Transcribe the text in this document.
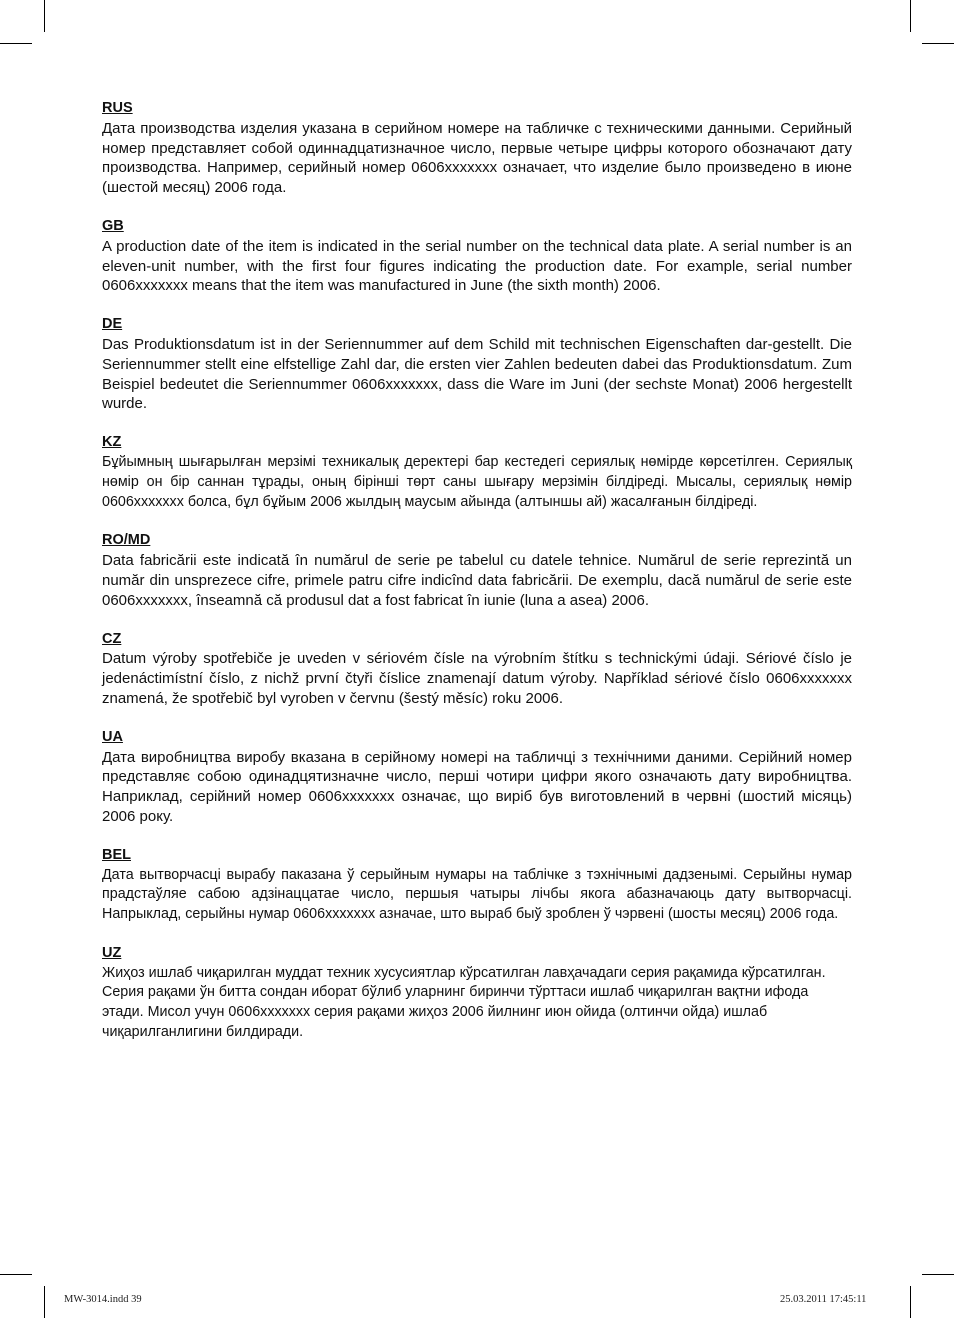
RUS

Дата производства изделия указана в серийном номере на табличке с техническими данными. Серийный номер представляет собой одиннадцатизначное число, первые четыре цифры которого обозначают дату производства. Например, серийный номер 0606xxxxxxx означает, что изделие было произведено в июне (шестой месяц) 2006 года.

GB

A production date of the item is indicated in the serial number on the technical data plate. A serial number is an eleven-unit number, with the first four figures indicating the production date. For example, serial number 0606xxxxxxx means that the item was manufactured in June (the sixth month) 2006.

DE

Das Produktionsdatum ist in der Seriennummer auf dem Schild mit technischen Eigenschaften dar-gestellt. Die Seriennummer stellt eine elfstellige Zahl dar, die ersten vier Zahlen bedeuten dabei das Produktionsdatum. Zum Beispiel bedeutet die Seriennummer 0606xxxxxxx, dass die Ware im Juni (der sechste Monat) 2006 hergestellt wurde.

KZ

Бұйымның шығарылған мерзімі техникалық деректері бар кестедегі сериялық нөмірде көрсетілген. Сериялық нөмір он бір саннан тұрады, оның бірінші төрт саны шығару мерзімін білдіреді. Мысалы, сериялық нөмір 0606xxxxxxx болса, бұл бұйым 2006 жылдың маусым айында (алтыншы ай) жасалғанын білдіреді.

RO/MD

Data fabricării este indicată în numărul de serie pe tabelul cu datele tehnice. Numărul de serie reprezintă un număr din unsprezece cifre, primele patru cifre indicînd data fabricării. De exemplu, dacă numărul de serie este 0606xxxxxxx, înseamnă că produsul dat a fost fabricat în iunie (luna a asea) 2006.

CZ

Datum výroby spotřebiče je uveden v sériovém čísle na výrobním štítku s technickými údaji. Sériové číslo je jedenáctimístní číslo, z nichž první čtyři číslice znamenají datum výroby. Například sériové číslo 0606xxxxxxx znamená, že spotřebič byl vyroben v červnu (šestý měsíc) roku 2006.

UA

Дата виробництва виробу вказана в серійному номері на табличці з технічними даними. Серійний номер представляє собою одинадцятизначне число, перші чотири цифри якого означають дату виробництва. Наприклад, серійний номер 0606xxxxxxx означає, що виріб був виготовлений в червні (шостий місяць) 2006 року.

BEL

Дата вытворчасці вырабу паказана ў серыйным нумары на таблічке з тэхнічнымі дадзенымі. Серыйны нумар прадстаўляе сабою адзінаццатае число, першыя чатыры лічбы якога абазначаюць дату вытворчасці. Напрыклад, серыйны нумар 0606xxxxxxx азначае, што выраб быў зроблен ў чэрвені (шосты месяц) 2006 года.

UZ

Жиҳоз ишлаб чиқарилган муддат техник хусусиятлар кўрсатилган лавҳачадаги серия рақамида кўрсатилган. Серия рақами ўн битта сондан иборат бўлиб уларнинг биринчи тўрттаси ишлаб чиқарилган вақтни ифода этади. Мисол учун 0606xxxxxxx серия рақами жиҳоз 2006 йилнинг июн ойида (олтинчи ойда) ишлаб чиқарилганлигини билдиради.

MW-3014.indd 39	25.03.2011 17:45:11
